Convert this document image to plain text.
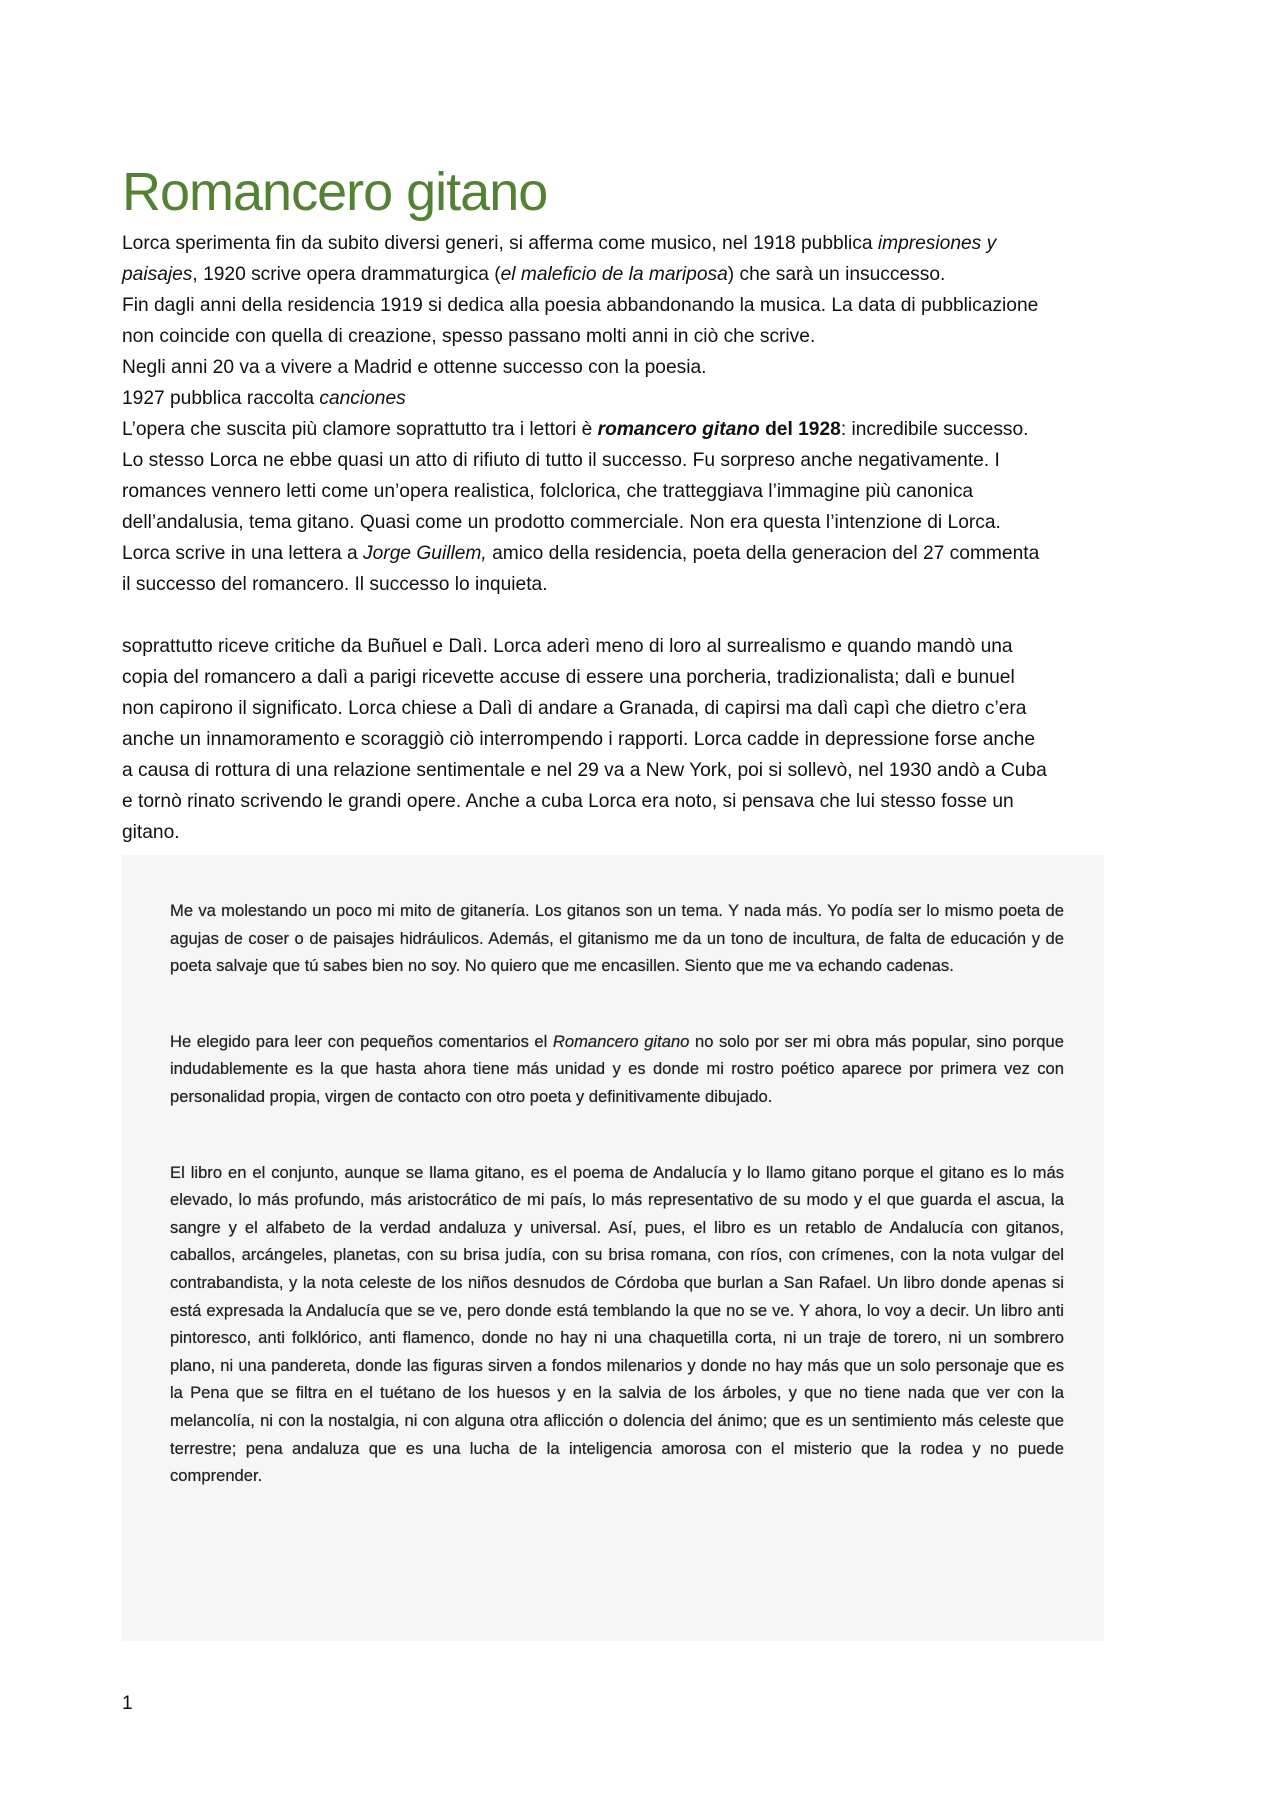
Romancero gitano

Lorca sperimenta fin da subito diversi generi, si afferma come musico, nel 1918 pubblica impresiones y

paisajes, 1920 scrive opera drammaturgica (el maleficio de la mariposa) che sarà un insuccesso.

Fin dagli anni della residencia 1919 si dedica alla poesia abbandonando la musica. La data di pubblicazione

non coincide con quella di creazione, spesso passano molti anni in ciò che scrive.

Negli anni 20 va a vivere a Madrid e ottenne successo con la poesia.

1927 pubblica raccolta canciones

L’opera che suscita più clamore soprattutto tra i lettori è romancero gitano del 1928: incredibile successo.

Lo stesso Lorca ne ebbe quasi un atto di rifiuto di tutto il successo. Fu sorpreso anche negativamente. I

romances vennero letti come un’opera realistica, folclorica, che tratteggiava l’immagine più canonica

dell’andalusia, tema gitano. Quasi come un prodotto commerciale. Non era questa l’intenzione di Lorca.

Lorca scrive in una lettera a Jorge Guillem, amico della residencia, poeta della generacion del 27 commenta

il successo del romancero. Il successo lo inquieta.

soprattutto riceve critiche da Buñuel e Dalì. Lorca aderì meno di loro al surrealismo e quando mandò una

copia del romancero a dalì a parigi ricevette accuse di essere una porcheria, tradizionalista; dalì e bunuel

non capirono il significato. Lorca chiese a Dalì di andare a Granada, di capirsi ma dalì capì che dietro c’era

anche un innamoramento e scoraggiò ciò interrompendo i rapporti. Lorca cadde in depressione forse anche

a causa di rottura di una relazione sentimentale e nel 29 va a New York, poi si sollevò, nel 1930 andò a Cuba

e tornò rinato scrivendo le grandi opere. Anche a cuba Lorca era noto, si pensava che lui stesso fosse un

gitano.

Me va molestando un poco mi mito de gitanería. Los gitanos son un tema. Y nada más. Yo podía ser lo mismo poeta de agujas de coser o de paisajes hidráulicos. Además, el gitanismo me da un tono de incultura, de falta de educación y de poeta salvaje que tú sabes bien no soy. No quiero que me encasillen. Siento que me va echando cadenas.

He elegido para leer con pequeños comentarios el Romancero gitano no solo por ser mi obra más popular, sino porque indudablemente es la que hasta ahora tiene más unidad y es donde mi rostro poético aparece por primera vez con personalidad propia, virgen de contacto con otro poeta y definitivamente dibujado.

El libro en el conjunto, aunque se llama gitano, es el poema de Andalucía y lo llamo gitano porque el gitano es lo más elevado, lo más profundo, más aristocrático de mi país, lo más representativo de su modo y el que guarda el ascua, la sangre y el alfabeto de la verdad andaluza y universal. Así, pues, el libro es un retablo de Andalucía con gitanos, caballos, arcángeles, planetas, con su brisa judía, con su brisa romana, con ríos, con crímenes, con la nota vulgar del contrabandista, y la nota celeste de los niños desnudos de Córdoba que burlan a San Rafael. Un libro donde apenas si está expresada la Andalucía que se ve, pero donde está temblando la que no se ve. Y ahora, lo voy a decir. Un libro anti pintoresco, anti folklórico, anti flamenco, donde no hay ni una chaquetilla corta, ni un traje de torero, ni un sombrero plano, ni una pandereta, donde las figuras sirven a fondos milenarios y donde no hay más que un solo personaje que es la Pena que se filtra en el tuétano de los huesos y en la salvia de los árboles, y que no tiene nada que ver con la melancolía, ni con la nostalgia, ni con alguna otra aflicción o dolencia del ánimo; que es un sentimiento más celeste que terrestre; pena andaluza que es una lucha de la inteligencia amorosa con el misterio que la rodea y no puede comprender.

1
